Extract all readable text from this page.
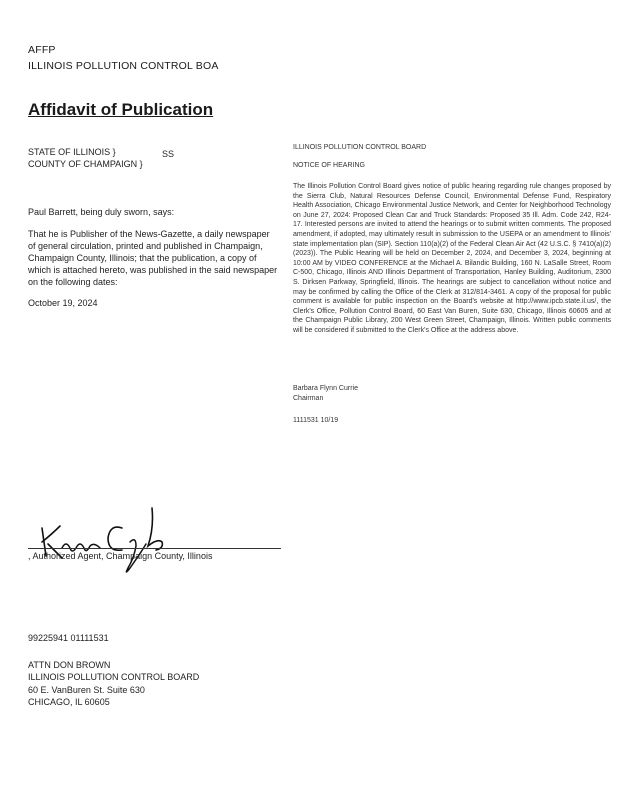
AFFP
ILLINOIS POLLUTION CONTROL BOA
Affidavit of Publication
STATE OF ILLINOIS }	SS
COUNTY OF CHAMPAIGN }
Paul Barrett, being duly sworn, says:
That he is Publisher of the News-Gazette, a daily newspaper of general circulation, printed and published in Champaign, Champaign County, Illinois; that the publication, a copy of which is attached hereto, was published in the said newspaper on the following dates:
October 19, 2024
ILLINOIS POLLUTION CONTROL BOARD
NOTICE OF HEARING
The Illinois Pollution Control Board gives notice of public hearing regarding rule changes proposed by the Sierra Club, Natural Resources Defense Council, Environmental Defense Fund, Respiratory Health Association, Chicago Environmental Justice Network, and Center for Neighborhood Technology on June 27, 2024: Proposed Clean Car and Truck Standards: Proposed 35 Ill. Adm. Code 242, R24-17. Interested persons are invited to attend the hearings or to submit written comments. The proposed amendment, if adopted, may ultimately result in submission to the USEPA or an amendment to Illinois' state implementation plan (SIP). Section 110(a)(2) of the Federal Clean Air Act (42 U.S.C. § 7410(a)(2) (2023)). The Public Hearing will be held on December 2, 2024, and December 3, 2024, beginning at 10:00 AM by VIDEO CONFERENCE at the Michael A. Bilandic Building, 160 N. LaSalle Street, Room C-500, Chicago, Illinois AND Illinois Department of Transportation, Hanley Building, Auditorium, 2300 S. Dirksen Parkway, Springfield, Illinois. The hearings are subject to cancellation without notice and may be confirmed by calling the Office of the Clerk at 312/814-3461. A copy of the proposal for public comment is available for public inspection on the Board's website at http://www.ipcb.state.il.us/, the Clerk's Office, Pollution Control Board, 60 East Van Buren, Suite 630, Chicago, Illinois 60605 and at the Champaign Public Library, 200 West Green Street, Champaign, Illinois. Written public comments will be considered if submitted to the Clerk's Office at the address above.
Barbara Flynn Currie
Chairman
1111531 10/19
, Authorized Agent, Champaign County, Illinois
99225941 01111531
ATTN DON BROWN
ILLINOIS POLLUTION CONTROL BOARD
60 E. VanBuren St. Suite 630
CHICAGO, IL 60605
